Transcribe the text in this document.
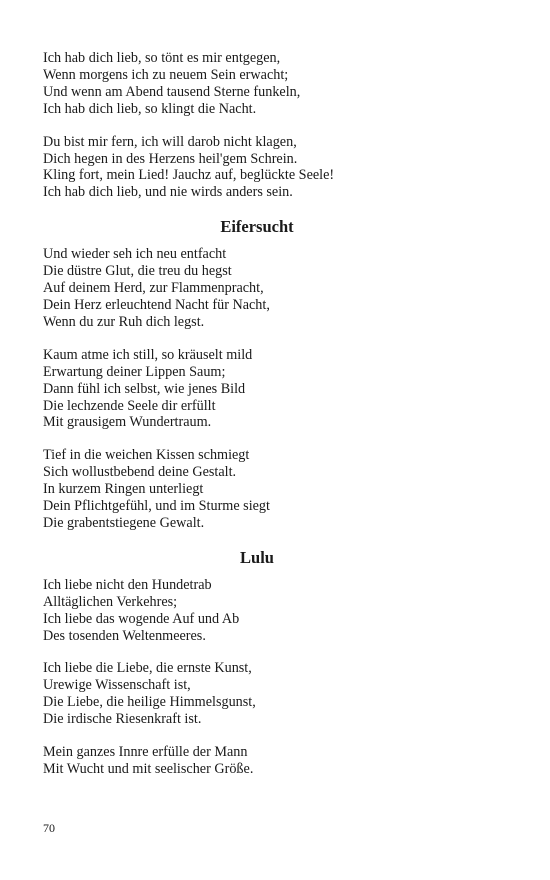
Ich hab dich lieb, so tönt es mir entgegen,
Wenn morgens ich zu neuem Sein erwacht;
Und wenn am Abend tausend Sterne funkeln,
Ich hab dich lieb, so klingt die Nacht.
Du bist mir fern, ich will darob nicht klagen,
Dich hegen in des Herzens heil'gem Schrein.
Kling fort, mein Lied! Jauchz auf, beglückte Seele!
Ich hab dich lieb, und nie wirds anders sein.
Eifersucht
Und wieder seh ich neu entfacht
Die düstre Glut, die treu du hegst
Auf deinem Herd, zur Flammenpracht,
Dein Herz erleuchtend Nacht für Nacht,
Wenn du zur Ruh dich legst.
Kaum atme ich still, so kräuselt mild
Erwartung deiner Lippen Saum;
Dann fühl ich selbst, wie jenes Bild
Die lechzende Seele dir erfüllt
Mit grausigem Wundertraum.
Tief in die weichen Kissen schmiegt
Sich wollustbebend deine Gestalt.
In kurzem Ringen unterliegt
Dein Pflichtgefühl, und im Sturme siegt
Die grabentstiegene Gewalt.
Lulu
Ich liebe nicht den Hundetrab
Alltäglichen Verkehres;
Ich liebe das wogende Auf und Ab
Des tosenden Weltenmeeres.
Ich liebe die Liebe, die ernste Kunst,
Urewige Wissenschaft ist,
Die Liebe, die heilige Himmelsgunst,
Die irdische Riesenkraft ist.
Mein ganzes Innre erfülle der Mann
Mit Wucht und mit seelischer Größe.
70
